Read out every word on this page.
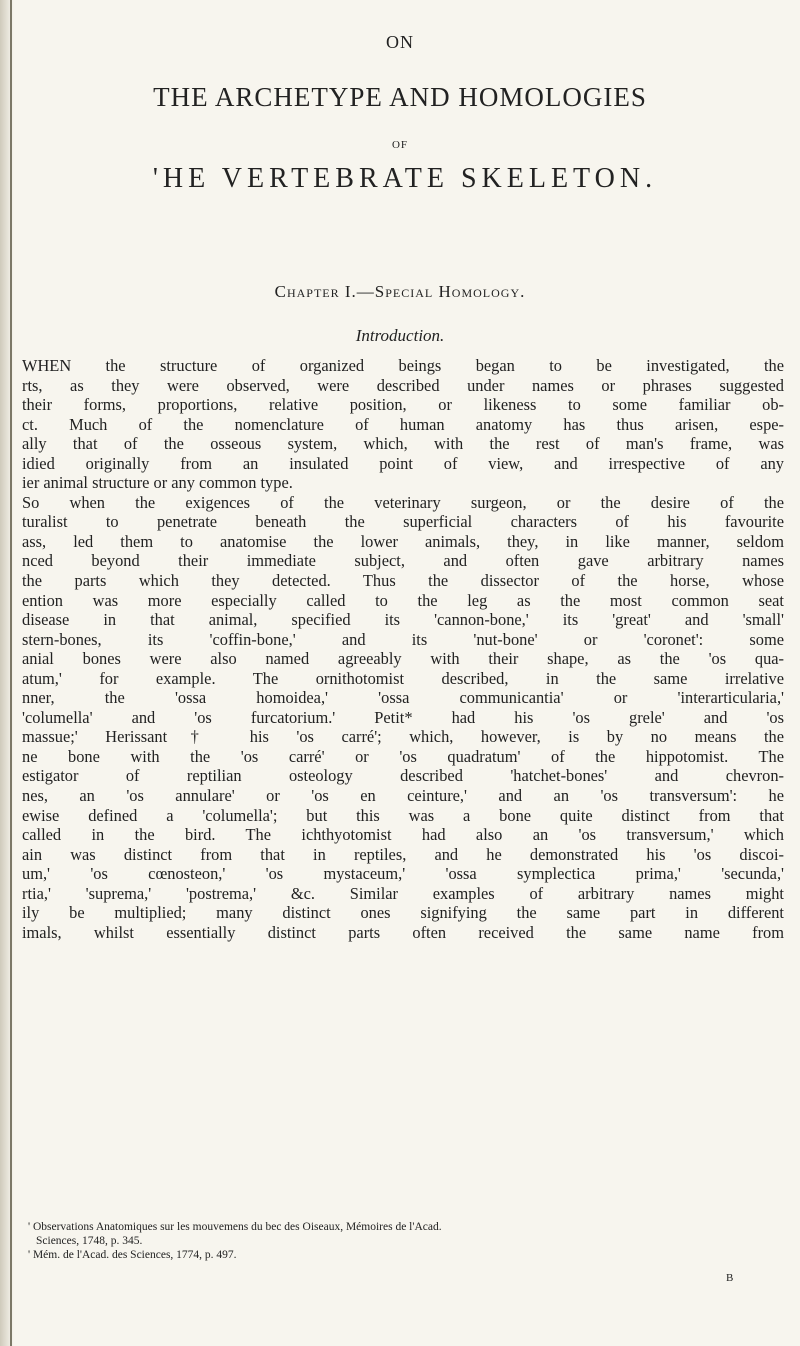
ON
THE ARCHETYPE AND HOMOLOGIES
OF
'HE VERTEBRATE SKELETON.
Chapter I.—Special Homology.
Introduction.
WHEN the structure of organized beings began to be investigated, the
rts, as they were observed, were described under names or phrases suggested
their forms, proportions, relative position, or likeness to some familiar ob-
ct. Much of the nomenclature of human anatomy has thus arisen, espe-
ally that of the osseous system, which, with the rest of man's frame, was
idied originally from an insulated point of view, and irrespective of any
ier animal structure or any common type.
So when the exigences of the veterinary surgeon, or the desire of the
turalist to penetrate beneath the superficial characters of his favourite
ass, led them to anatomise the lower animals, they, in like manner, seldom
nced beyond their immediate subject, and often gave arbitrary names
the parts which they detected. Thus the dissector of the horse, whose
ention was more especially called to the leg as the most common seat
disease in that animal, specified its 'cannon-bone,' its 'great' and 'small'
stern-bones, its 'coffin-bone,' and its 'nut-bone' or 'coronet': some
anial bones were also named agreeably with their shape, as the 'os qua-
atum,' for example. The ornithotomist described, in the same irrelative
nner, the 'ossa homoidea,' 'ossa communicantia' or 'interarticularia,'
'columella' and 'os furcatorium.' Petit* had his 'os grele' and 'os
massue;' Herissant† his 'os carré'; which, however, is by no means the
ne bone with the 'os carré' or 'os quadratum' of the hippotomist. The
estigator of reptilian osteology described 'hatchet-bones' and chevron-
nes, an 'os annulare' or 'os en ceinture,' and an 'os transversum': he
ewise defined a 'columella'; but this was a bone quite distinct from that
called in the bird. The ichthyotomist had also an 'os transversum,' which
ain was distinct from that in reptiles, and he demonstrated his 'os discoi-
um,' 'os cœnosteon,' 'os mystaceum,' 'ossa symplectica prima,' 'secunda,'
rtia,' 'suprema,' 'postrema,' &c. Similar examples of arbitrary names might
ily be multiplied; many distinct ones signifying the same part in different
imals, whilst essentially distinct parts often received the same name from
' Observations Anatomiques sur les mouvemens du bec des Oiseaux, Mémoires de l'Acad.
Sciences, 1748, p. 345.
' Mém. de l'Acad. des Sciences, 1774, p. 497.
B
